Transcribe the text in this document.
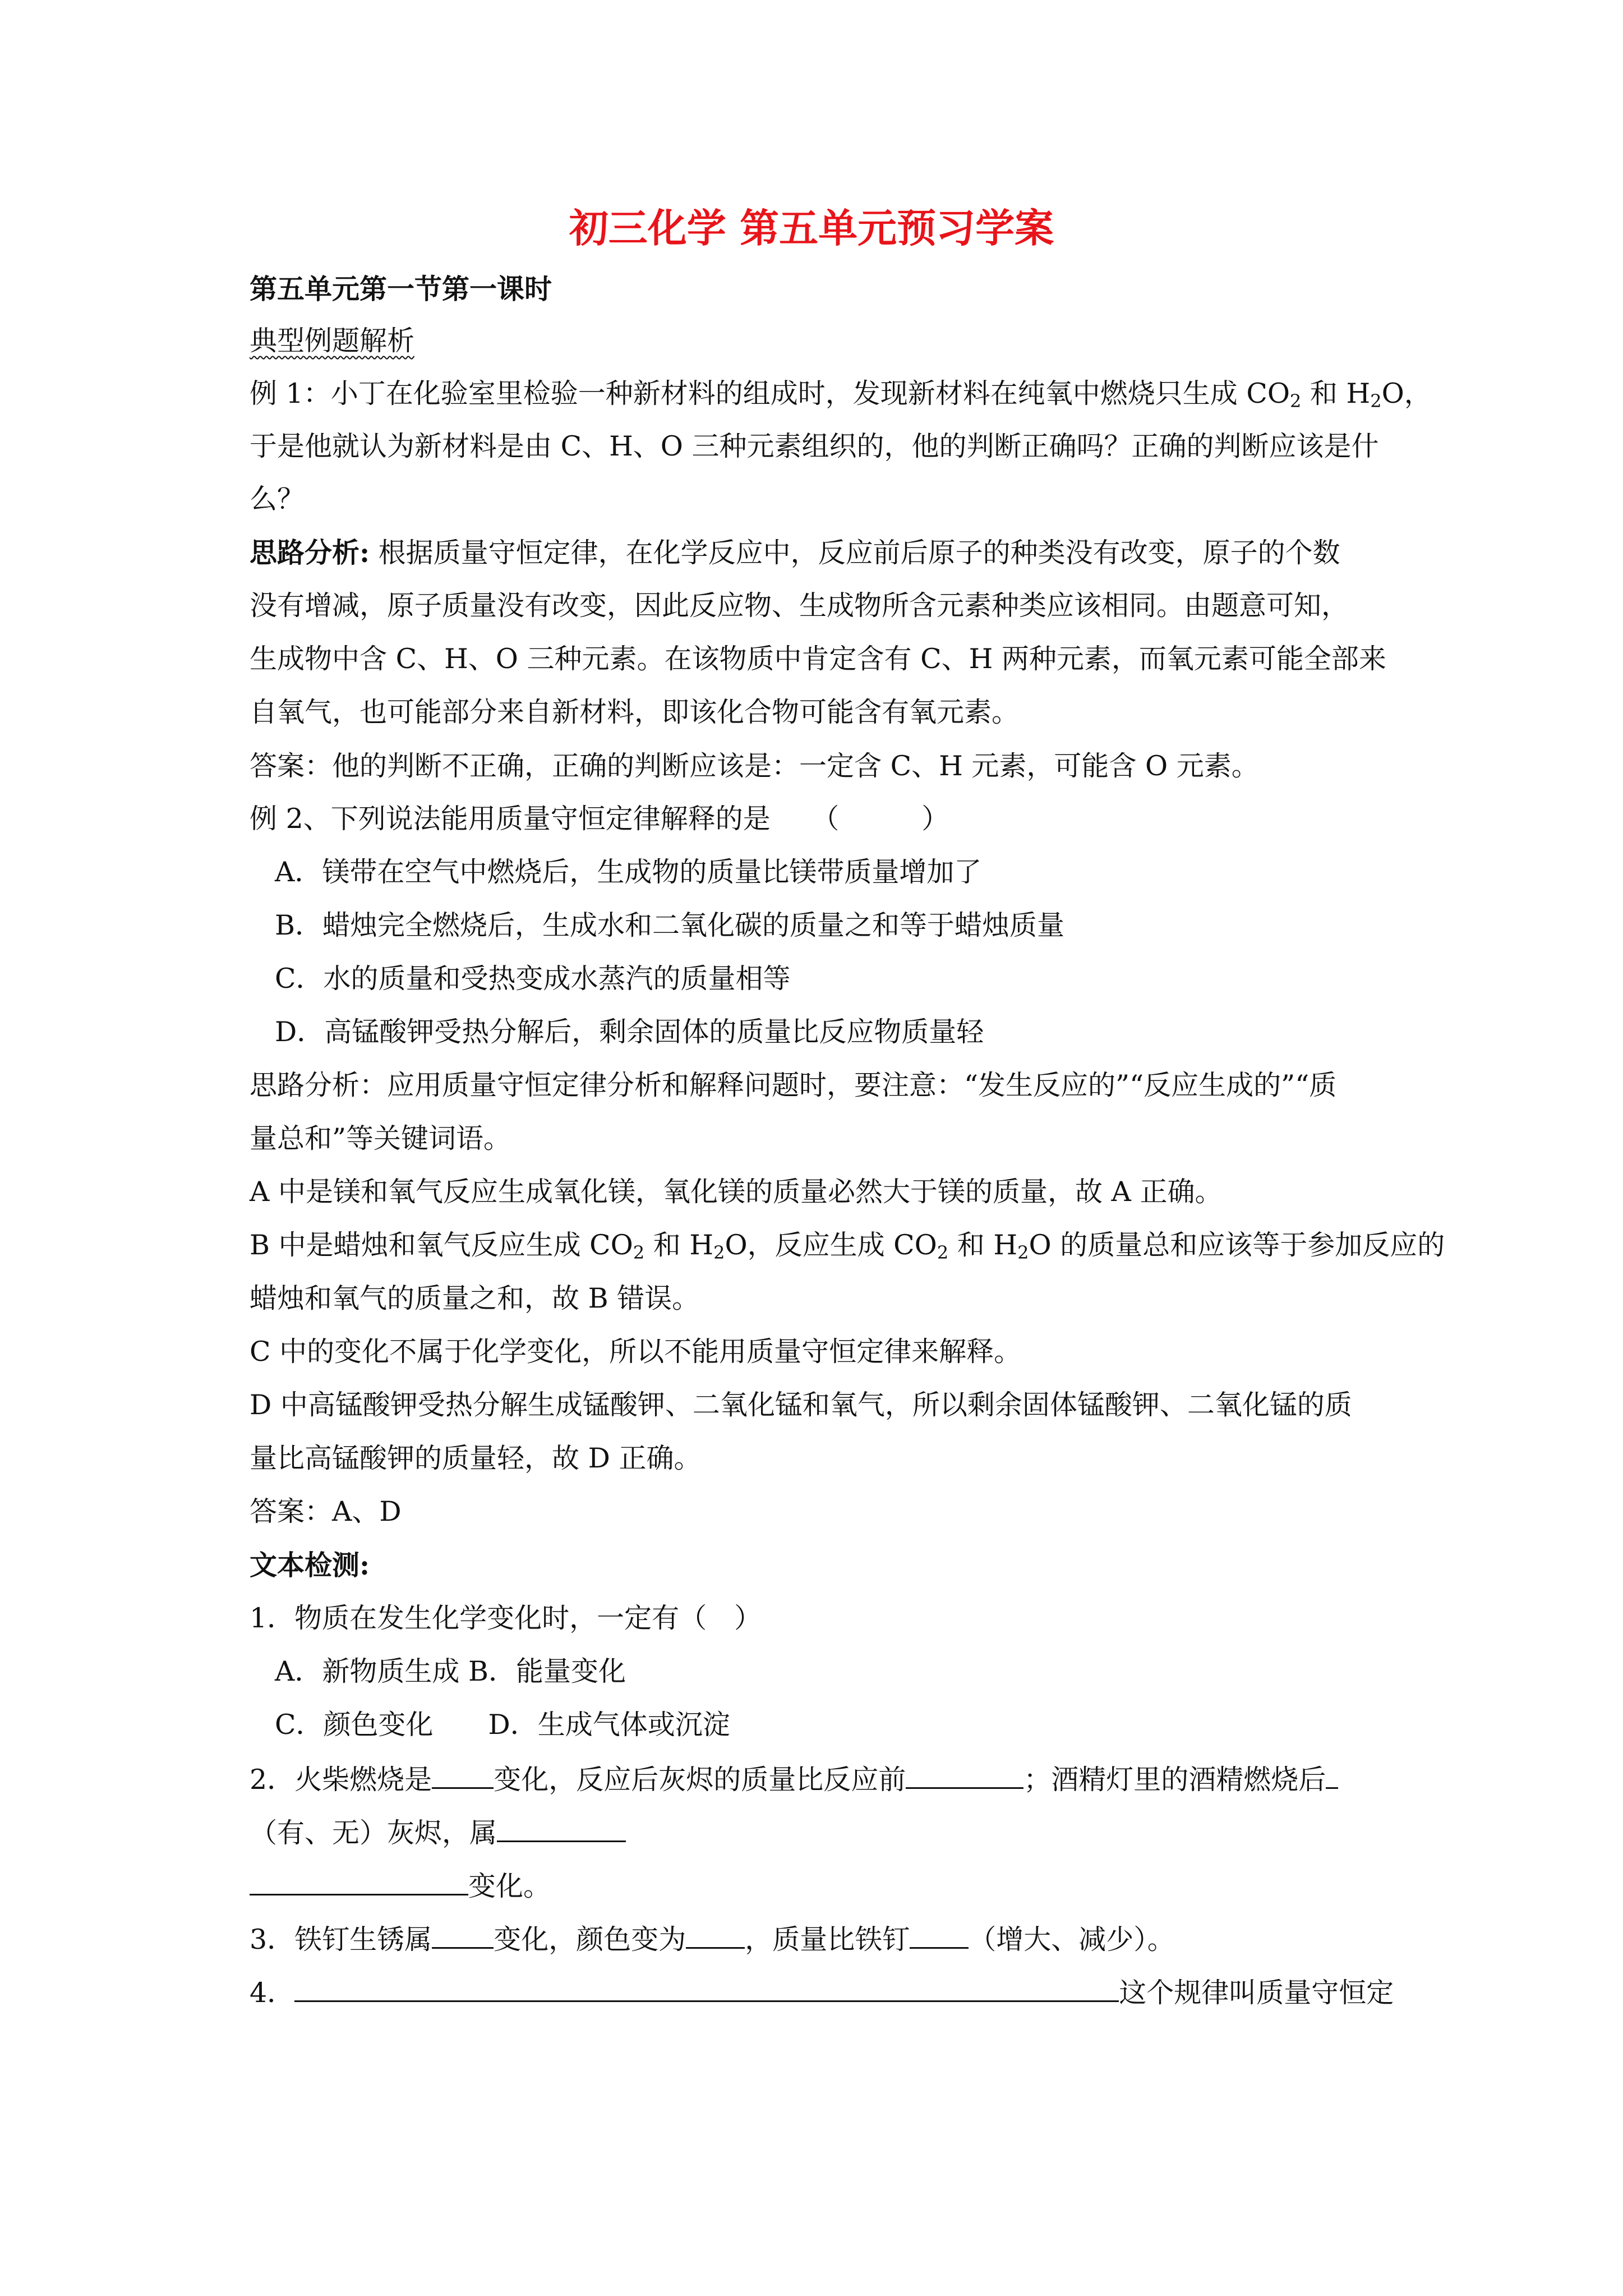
初三化学 第五单元预习学案
第五单元第一节第一课时
典型例题解析
例 1：小丁在化验室里检验一种新材料的组成时，发现新材料在纯氧中燃烧只生成 $CO_2$ 和 $H_2O$，
于是他就认为新材料是由 C、H、O 三种元素组织的，他的判断正确吗？正确的判断应该是什
么？
思路分析: 根据质量守恒定律，在化学反应中，反应前后原子的种类没有改变，原子的个数
没有增减，原子质量没有改变，因此反应物、生成物所含元素种类应该相同。由题意可知，
生成物中含 C、H、O 三种元素。在该物质中肯定含有 C、H 两种元素，而氧元素可能全部来
自氧气，也可能部分来自新材料，即该化合物可能含有氧元素。
答案：他的判断不正确，正确的判断应该是：一定含 C、H 元素，可能含 O 元素。
例 2、下列说法能用质量守恒定律解释的是　　（　　　）
A．镁带在空气中燃烧后，生成物的质量比镁带质量增加了
B．蜡烛完全燃烧后，生成水和二氧化碳的质量之和等于蜡烛质量
C．水的质量和受热变成水蒸汽的质量相等
D．高锰酸钾受热分解后，剩余固体的质量比反应物质量轻
思路分析：应用质量守恒定律分析和解释问题时，要注意：“发生反应的”“反应生成的”“质
量总和”等关键词语。
A 中是镁和氧气反应生成氧化镁，氧化镁的质量必然大于镁的质量，故 A 正确。
B 中是蜡烛和氧气反应生成 $CO_2$ 和 $H_2O$，反应生成 $CO_2$ 和 $H_2O$ 的质量总和应该等于参加反应的
蜡烛和氧气的质量之和，故 B 错误。
C 中的变化不属于化学变化，所以不能用质量守恒定律来解释。
D 中高锰酸钾受热分解生成锰酸钾、二氧化锰和氧气，所以剩余固体锰酸钾、二氧化锰的质
量比高锰酸钾的质量轻，故 D 正确。
答案：A、D
文本检测:
1．物质在发生化学变化时，一定有（　）
A．新物质生成 B．能量变化
C．颜色变化　　D．生成气体或沉淀
2．火柴燃烧是 变化，反应后灰烬的质量比反应前	；酒精灯里的酒精燃烧后
（有、无）灰烬，属
变化。
3．铁钉生锈属 变化，颜色变为 ，质量比铁钉 （增大、减少）。
4．	这个规律叫质量守恒定
